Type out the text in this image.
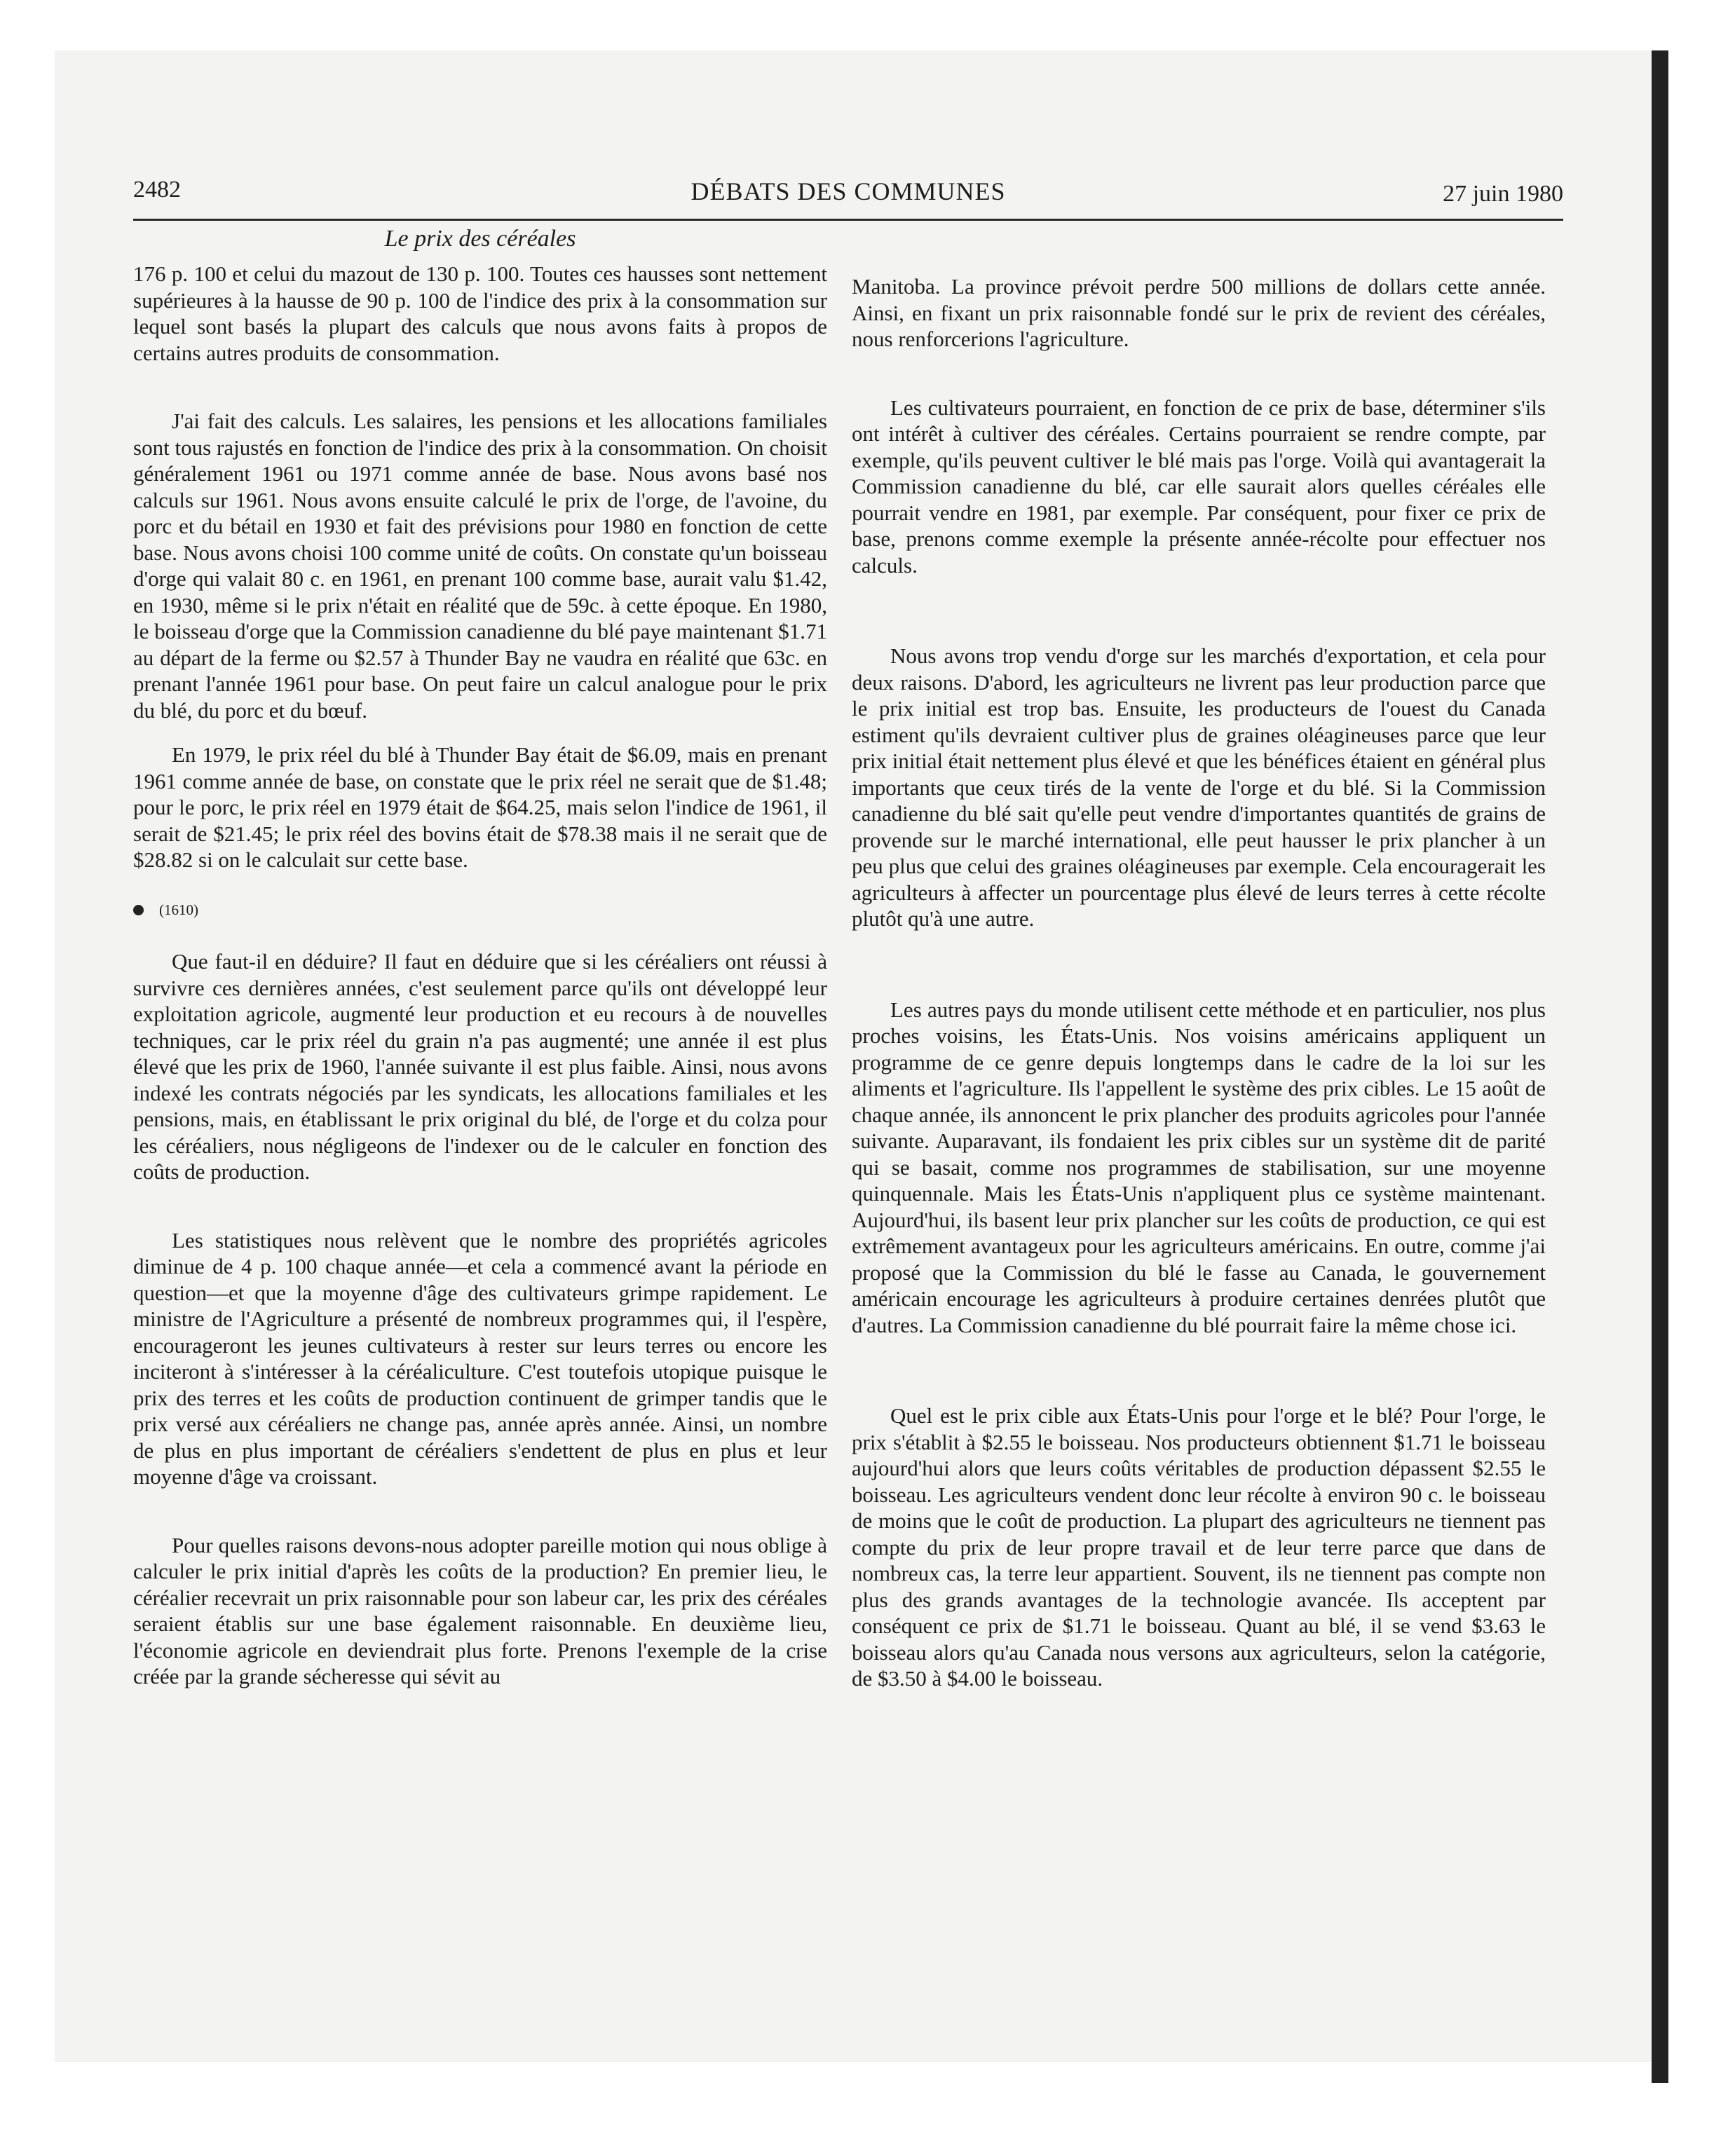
2482	DÉBATS DES COMMUNES	27 juin 1980
Le prix des céréales

176 p. 100 et celui du mazout de 130 p. 100. Toutes ces hausses sont nettement supérieures à la hausse de 90 p. 100 de l'indice des prix à la consommation sur lequel sont basés la plupart des calculs que nous avons faits à propos de certains autres produits de consommation.

J'ai fait des calculs. Les salaires, les pensions et les allocations familiales sont tous rajustés en fonction de l'indice des prix à la consommation. On choisit généralement 1961 ou 1971 comme année de base. Nous avons basé nos calculs sur 1961. Nous avons ensuite calculé le prix de l'orge, de l'avoine, du porc et du bétail en 1930 et fait des prévisions pour 1980 en fonction de cette base. Nous avons choisi 100 comme unité de coûts. On constate qu'un boisseau d'orge qui valait 80 c. en 1961, en prenant 100 comme base, aurait valu $1.42, en 1930, même si le prix n'était en réalité que de 59c. à cette époque. En 1980, le boisseau d'orge que la Commission canadienne du blé paye maintenant $1.71 au départ de la ferme ou $2.57 à Thunder Bay ne vaudra en réalité que 63c. en prenant l'année 1961 pour base. On peut faire un calcul analogue pour le prix du blé, du porc et du bœuf.

En 1979, le prix réel du blé à Thunder Bay était de $6.09, mais en prenant 1961 comme année de base, on constate que le prix réel ne serait que de $1.48; pour le porc, le prix réel en 1979 était de $64.25, mais selon l'indice de 1961, il serait de $21.45; le prix réel des bovins était de $78.38 mais il ne serait que de $28.82 si on le calculait sur cette base.

(1610)

Que faut-il en déduire? Il faut en déduire que si les céréaliers ont réussi à survivre ces dernières années, c'est seulement parce qu'ils ont développé leur exploitation agricole, augmenté leur production et eu recours à de nouvelles techniques, car le prix réel du grain n'a pas augmenté; une année il est plus élevé que les prix de 1960, l'année suivante il est plus faible. Ainsi, nous avons indexé les contrats négociés par les syndicats, les allocations familiales et les pensions, mais, en établissant le prix original du blé, de l'orge et du colza pour les céréaliers, nous négligeons de l'indexer ou de le calculer en fonction des coûts de production.

Les statistiques nous relèvent que le nombre des propriétés agricoles diminue de 4 p. 100 chaque année—et cela a commencé avant la période en question—et que la moyenne d'âge des cultivateurs grimpe rapidement. Le ministre de l'Agriculture a présenté de nombreux programmes qui, il l'espère, encourageront les jeunes cultivateurs à rester sur leurs terres ou encore les inciteront à s'intéresser à la céréaliculture. C'est toutefois utopique puisque le prix des terres et les coûts de production continuent de grimper tandis que le prix versé aux céréaliers ne change pas, année après année. Ainsi, un nombre de plus en plus important de céréaliers s'endettent de plus en plus et leur moyenne d'âge va croissant.

Pour quelles raisons devons-nous adopter pareille motion qui nous oblige à calculer le prix initial d'après les coûts de la production? En premier lieu, le céréalier recevrait un prix raisonnable pour son labeur car, les prix des céréales seraient établis sur une base également raisonnable. En deuxième lieu, l'économie agricole en deviendrait plus forte. Prenons l'exemple de la crise créée par la grande sécheresse qui sévit au

Manitoba. La province prévoit perdre 500 millions de dollars cette année. Ainsi, en fixant un prix raisonnable fondé sur le prix de revient des céréales, nous renforcerions l'agriculture.

Les cultivateurs pourraient, en fonction de ce prix de base, déterminer s'ils ont intérêt à cultiver des céréales. Certains pourraient se rendre compte, par exemple, qu'ils peuvent cultiver le blé mais pas l'orge. Voilà qui avantagerait la Commission canadienne du blé, car elle saurait alors quelles céréales elle pourrait vendre en 1981, par exemple. Par conséquent, pour fixer ce prix de base, prenons comme exemple la présente année-récolte pour effectuer nos calculs.

Nous avons trop vendu d'orge sur les marchés d'exportation, et cela pour deux raisons. D'abord, les agriculteurs ne livrent pas leur production parce que le prix initial est trop bas. Ensuite, les producteurs de l'ouest du Canada estiment qu'ils devraient cultiver plus de graines oléagineuses parce que leur prix initial était nettement plus élevé et que les bénéfices étaient en général plus importants que ceux tirés de la vente de l'orge et du blé. Si la Commission canadienne du blé sait qu'elle peut vendre d'importantes quantités de grains de provende sur le marché international, elle peut hausser le prix plancher à un peu plus que celui des graines oléagineuses par exemple. Cela encouragerait les agriculteurs à affecter un pourcentage plus élevé de leurs terres à cette récolte plutôt qu'à une autre.

Les autres pays du monde utilisent cette méthode et en particulier, nos plus proches voisins, les États-Unis. Nos voisins américains appliquent un programme de ce genre depuis longtemps dans le cadre de la loi sur les aliments et l'agriculture. Ils l'appellent le système des prix cibles. Le 15 août de chaque année, ils annoncent le prix plancher des produits agricoles pour l'année suivante. Auparavant, ils fondaient les prix cibles sur un système dit de parité qui se basait, comme nos programmes de stabilisation, sur une moyenne quinquennale. Mais les États-Unis n'appliquent plus ce système maintenant. Aujourd'hui, ils basent leur prix plancher sur les coûts de production, ce qui est extrêmement avantageux pour les agriculteurs américains. En outre, comme j'ai proposé que la Commission du blé le fasse au Canada, le gouvernement américain encourage les agriculteurs à produire certaines denrées plutôt que d'autres. La Commission canadienne du blé pourrait faire la même chose ici.

Quel est le prix cible aux États-Unis pour l'orge et le blé? Pour l'orge, le prix s'établit à $2.55 le boisseau. Nos producteurs obtiennent $1.71 le boisseau aujourd'hui alors que leurs coûts véritables de production dépassent $2.55 le boisseau. Les agriculteurs vendent donc leur récolte à environ 90 c. le boisseau de moins que le coût de production. La plupart des agriculteurs ne tiennent pas compte du prix de leur propre travail et de leur terre parce que dans de nombreux cas, la terre leur appartient. Souvent, ils ne tiennent pas compte non plus des grands avantages de la technologie avancée. Ils acceptent par conséquent ce prix de $1.71 le boisseau. Quant au blé, il se vend $3.63 le boisseau alors qu'au Canada nous versons aux agriculteurs, selon la catégorie, de $3.50 à $4.00 le boisseau.
